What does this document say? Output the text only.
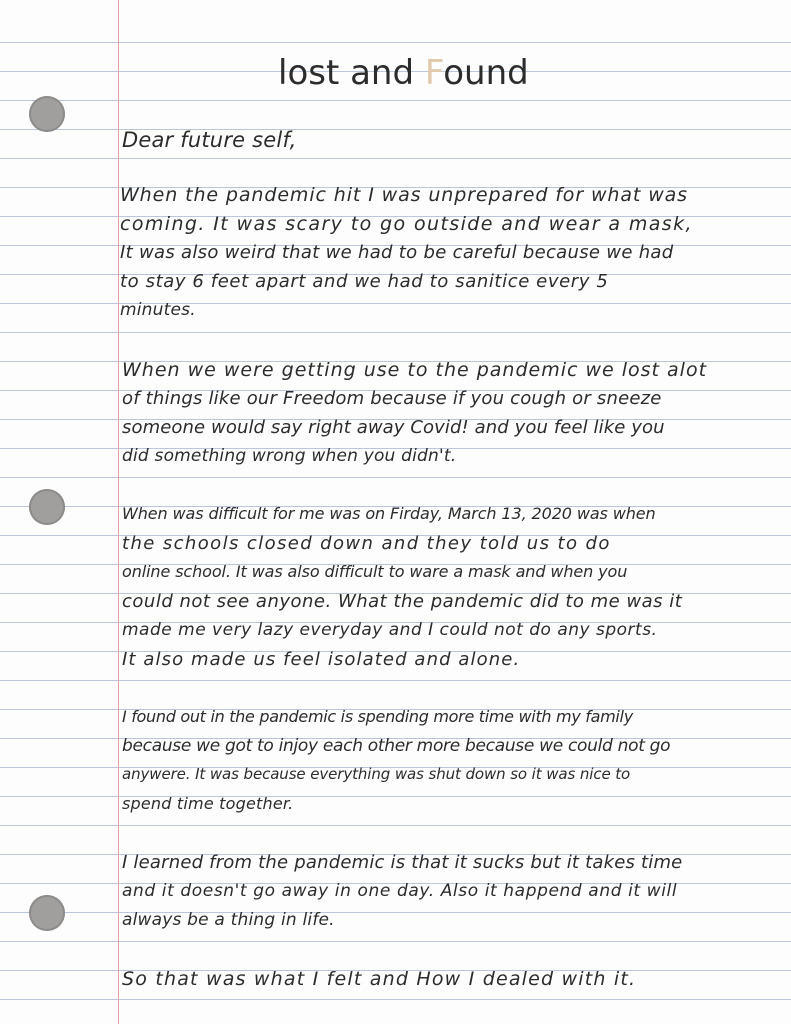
lost and Found
Dear future self,
When the pandemic hit I was unprepared for what was
coming. It was scary to go outside and wear a mask,
It was also weird that we had to be careful because we had
to stay 6 feet apart and we had to sanitice every 5
minutes.
When we were getting use to the pandemic we lost alot
of things like our Freedom because if you cough or sneeze
someone would say right away Covid! and you feel like you
did something wrong when you didn't.
When was difficult for me was on Firday, March 13, 2020 was when
the schools closed down and they told us to do
online school. It was also difficult to ware a mask and when you
could not see anyone. What the pandemic did to me was it
made me very lazy everyday and I could not do any sports.
It also made us feel isolated and alone.
I found out in the pandemic is spending more time with my family
because we got to injoy each other more because we could not go
anywere. It was because everything was shut down so it was nice to
spend time together.
I learned from the pandemic is that it sucks but it takes time
and it doesn't go away in one day. Also it happend and it will
always be a thing in life.
So that was what I felt and How I dealed with it.
